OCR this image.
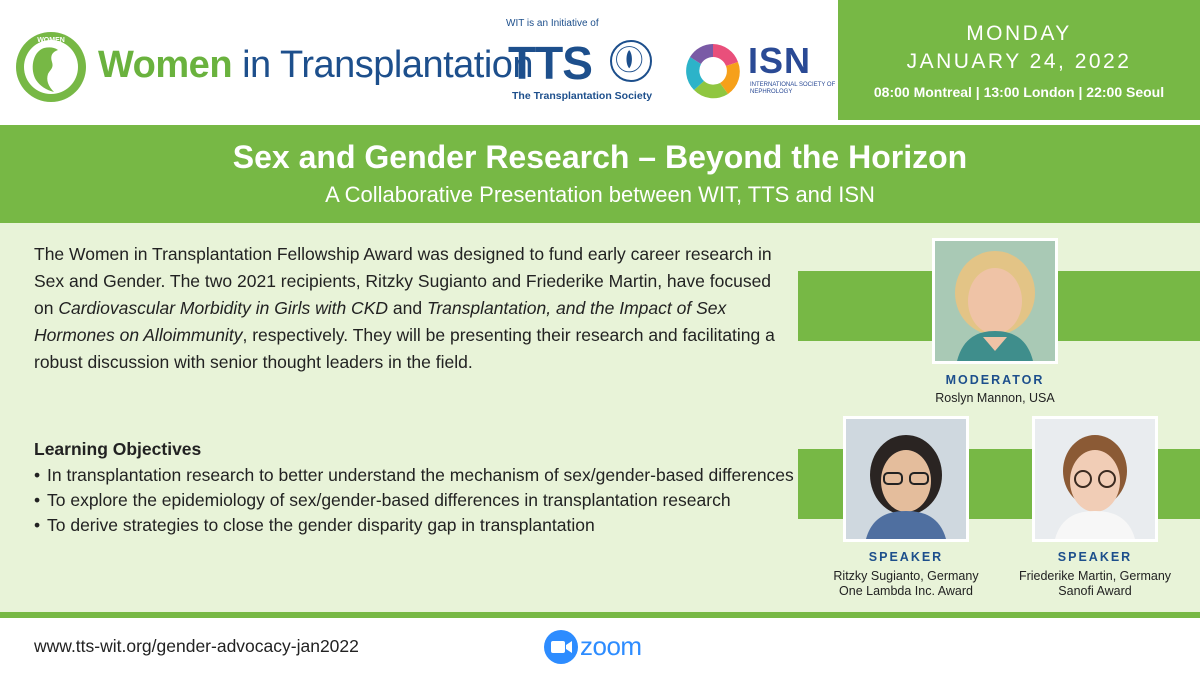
WOMEN
Women in Transplantation
WIT is an Initiative of
TTS
The Transplantation Society
ISN
INTERNATIONAL SOCIETY OF NEPHROLOGY
MONDAY
JANUARY 24, 2022
08:00 Montreal | 13:00 London | 22:00 Seoul
Sex and Gender Research – Beyond the Horizon
A Collaborative Presentation between WIT, TTS and ISN

The Women in Transplantation Fellowship Award was designed to fund early career research in Sex and Gender. The two 2021 recipients, Ritzky Sugianto and Friederike Martin, have focused on Cardiovascular Morbidity in Girls with CKD and Transplantation, and the Impact of Sex Hormones on Alloimmunity, respectively. They will be presenting their research and facilitating a robust discussion with senior thought leaders in the field.

Learning Objectives
• In transplantation research to better understand the mechanism of sex/gender-based differences
• To explore the epidemiology of sex/gender-based differences in transplantation research
• To derive strategies to close the gender disparity gap in transplantation
MODERATOR
Roslyn Mannon, USA
SPEAKER
Ritzky Sugianto, Germany
One Lambda Inc. Award
SPEAKER
Friederike Martin, Germany
Sanofi Award
www.tts-wit.org/gender-advocacy-jan2022	zoom
